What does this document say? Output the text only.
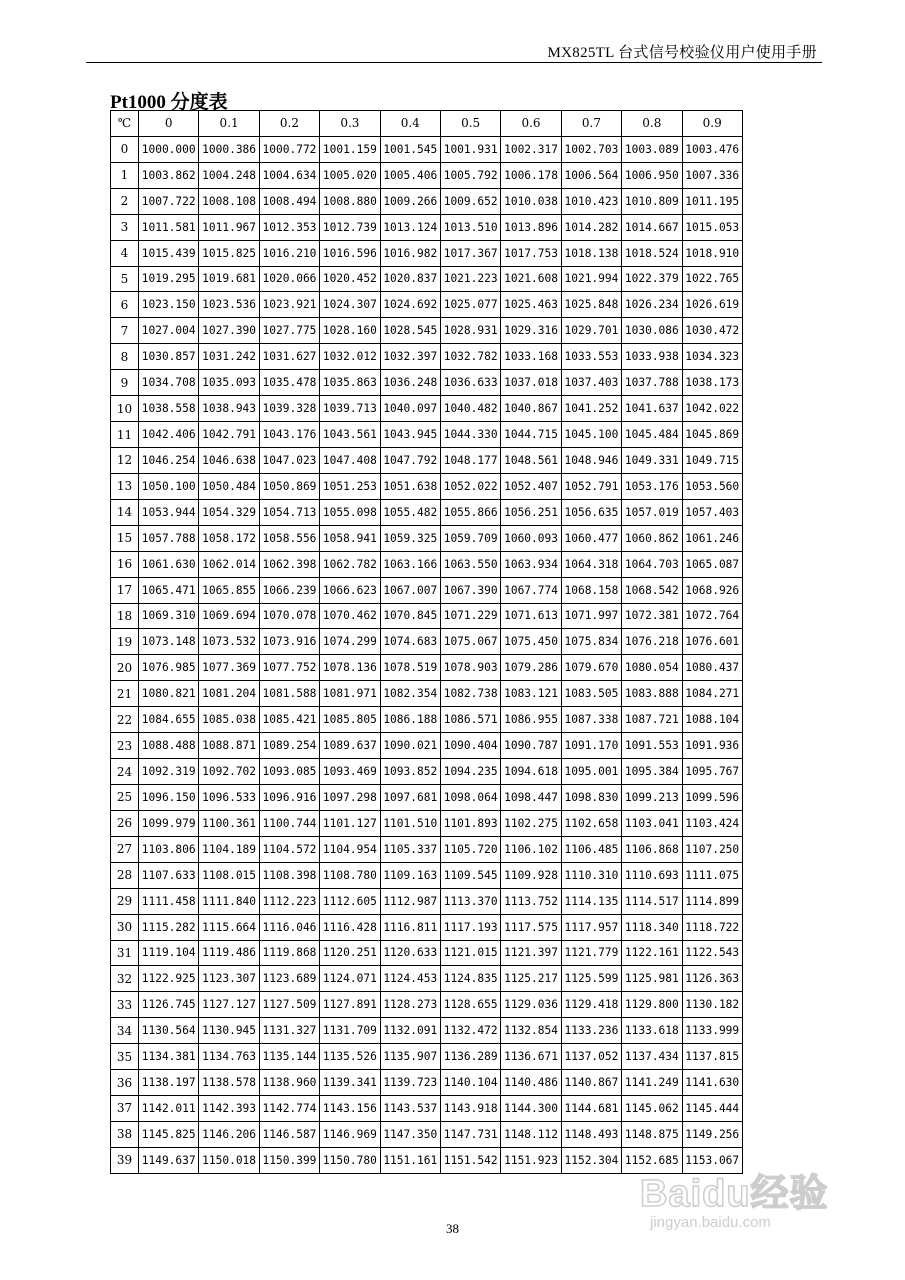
MX825TL 台式信号校验仪用户使用手册
Pt1000 分度表
℃	0	0.1	0.2	0.3	0.4	0.5	0.6	0.7	0.8	0.9
0	1000.000	1000.386	1000.772	1001.159	1001.545	1001.931	1002.317	1002.703	1003.089	1003.476
1	1003.862	1004.248	1004.634	1005.020	1005.406	1005.792	1006.178	1006.564	1006.950	1007.336
2	1007.722	1008.108	1008.494	1008.880	1009.266	1009.652	1010.038	1010.423	1010.809	1011.195
3	1011.581	1011.967	1012.353	1012.739	1013.124	1013.510	1013.896	1014.282	1014.667	1015.053
4	1015.439	1015.825	1016.210	1016.596	1016.982	1017.367	1017.753	1018.138	1018.524	1018.910
5	1019.295	1019.681	1020.066	1020.452	1020.837	1021.223	1021.608	1021.994	1022.379	1022.765
6	1023.150	1023.536	1023.921	1024.307	1024.692	1025.077	1025.463	1025.848	1026.234	1026.619
7	1027.004	1027.390	1027.775	1028.160	1028.545	1028.931	1029.316	1029.701	1030.086	1030.472
8	1030.857	1031.242	1031.627	1032.012	1032.397	1032.782	1033.168	1033.553	1033.938	1034.323
9	1034.708	1035.093	1035.478	1035.863	1036.248	1036.633	1037.018	1037.403	1037.788	1038.173
10	1038.558	1038.943	1039.328	1039.713	1040.097	1040.482	1040.867	1041.252	1041.637	1042.022
11	1042.406	1042.791	1043.176	1043.561	1043.945	1044.330	1044.715	1045.100	1045.484	1045.869
12	1046.254	1046.638	1047.023	1047.408	1047.792	1048.177	1048.561	1048.946	1049.331	1049.715
13	1050.100	1050.484	1050.869	1051.253	1051.638	1052.022	1052.407	1052.791	1053.176	1053.560
14	1053.944	1054.329	1054.713	1055.098	1055.482	1055.866	1056.251	1056.635	1057.019	1057.403
15	1057.788	1058.172	1058.556	1058.941	1059.325	1059.709	1060.093	1060.477	1060.862	1061.246
16	1061.630	1062.014	1062.398	1062.782	1063.166	1063.550	1063.934	1064.318	1064.703	1065.087
17	1065.471	1065.855	1066.239	1066.623	1067.007	1067.390	1067.774	1068.158	1068.542	1068.926
18	1069.310	1069.694	1070.078	1070.462	1070.845	1071.229	1071.613	1071.997	1072.381	1072.764
19	1073.148	1073.532	1073.916	1074.299	1074.683	1075.067	1075.450	1075.834	1076.218	1076.601
20	1076.985	1077.369	1077.752	1078.136	1078.519	1078.903	1079.286	1079.670	1080.054	1080.437
21	1080.821	1081.204	1081.588	1081.971	1082.354	1082.738	1083.121	1083.505	1083.888	1084.271
22	1084.655	1085.038	1085.421	1085.805	1086.188	1086.571	1086.955	1087.338	1087.721	1088.104
23	1088.488	1088.871	1089.254	1089.637	1090.021	1090.404	1090.787	1091.170	1091.553	1091.936
24	1092.319	1092.702	1093.085	1093.469	1093.852	1094.235	1094.618	1095.001	1095.384	1095.767
25	1096.150	1096.533	1096.916	1097.298	1097.681	1098.064	1098.447	1098.830	1099.213	1099.596
26	1099.979	1100.361	1100.744	1101.127	1101.510	1101.893	1102.275	1102.658	1103.041	1103.424
27	1103.806	1104.189	1104.572	1104.954	1105.337	1105.720	1106.102	1106.485	1106.868	1107.250
28	1107.633	1108.015	1108.398	1108.780	1109.163	1109.545	1109.928	1110.310	1110.693	1111.075
29	1111.458	1111.840	1112.223	1112.605	1112.987	1113.370	1113.752	1114.135	1114.517	1114.899
30	1115.282	1115.664	1116.046	1116.428	1116.811	1117.193	1117.575	1117.957	1118.340	1118.722
31	1119.104	1119.486	1119.868	1120.251	1120.633	1121.015	1121.397	1121.779	1122.161	1122.543
32	1122.925	1123.307	1123.689	1124.071	1124.453	1124.835	1125.217	1125.599	1125.981	1126.363
33	1126.745	1127.127	1127.509	1127.891	1128.273	1128.655	1129.036	1129.418	1129.800	1130.182
34	1130.564	1130.945	1131.327	1131.709	1132.091	1132.472	1132.854	1133.236	1133.618	1133.999
35	1134.381	1134.763	1135.144	1135.526	1135.907	1136.289	1136.671	1137.052	1137.434	1137.815
36	1138.197	1138.578	1138.960	1139.341	1139.723	1140.104	1140.486	1140.867	1141.249	1141.630
37	1142.011	1142.393	1142.774	1143.156	1143.537	1143.918	1144.300	1144.681	1145.062	1145.444
38	1145.825	1146.206	1146.587	1146.969	1147.350	1147.731	1148.112	1148.493	1148.875	1149.256
39	1149.637	1150.018	1150.399	1150.780	1151.161	1151.542	1151.923	1152.304	1152.685	1153.067
38
Baidu经验
jingyan.baidu.com
